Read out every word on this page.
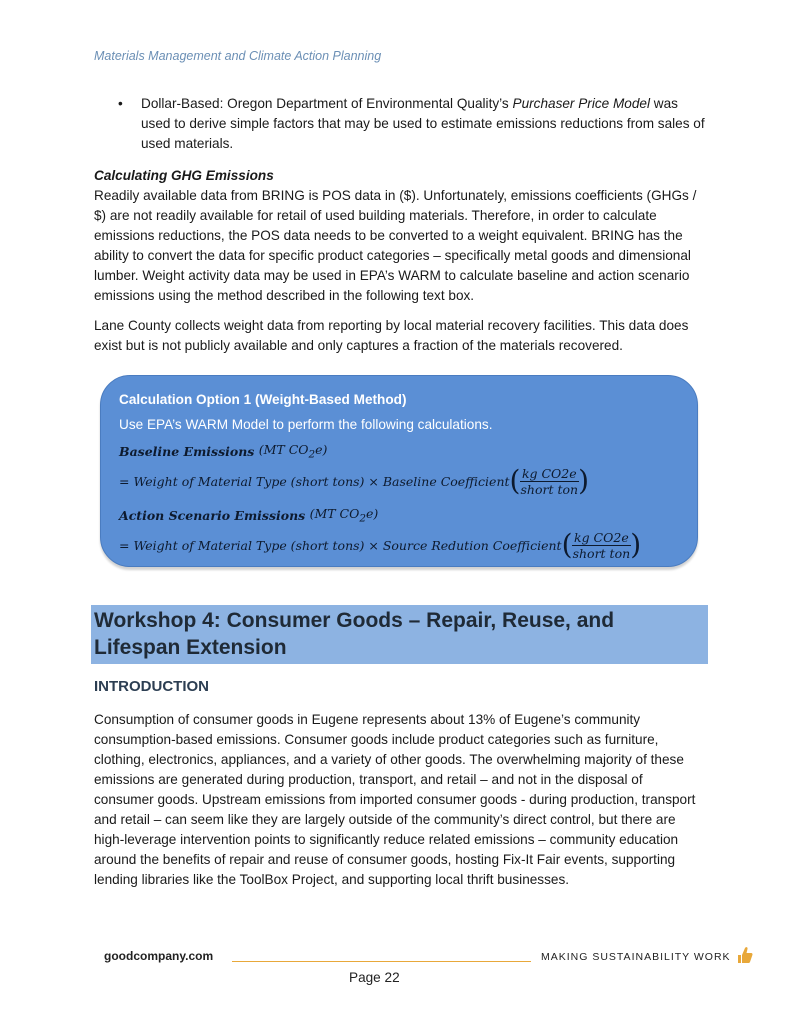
Materials Management and Climate Action Planning

• Dollar-Based: Oregon Department of Environmental Quality’s Purchaser Price Model was used to derive simple factors that may be used to estimate emissions reductions from sales of used materials.

Calculating GHG Emissions

Readily available data from BRING is POS data in ($). Unfortunately, emissions coefficients (GHGs / $) are not readily available for retail of used building materials. Therefore, in order to calculate emissions reductions, the POS data needs to be converted to a weight equivalent. BRING has the ability to convert the data for specific product categories – specifically metal goods and dimensional lumber. Weight activity data may be used in EPA’s WARM to calculate baseline and action scenario emissions using the method described in the following text box.

Lane County collects weight data from reporting by local material recovery facilities. This data does exist but is not publicly available and only captures a fraction of the materials recovered.

Calculation Option 1 (Weight-Based Method)

Use EPA’s WARM Model to perform the following calculations.

Baseline Emissions
(MT $CO_2e$)
= Weight of Material Type (short tons) × Baseline Coefficient ( kg CO2e
short ton )
Action Scenario Emissions
(MT $CO_2e$)
= Weight of Material Type (short tons) × Source Redution Coefficient ( kg CO2e
short ton )
Workshop 4: Consumer Goods – Repair, Reuse, and Lifespan Extension
INTRODUCTION

Consumption of consumer goods in Eugene represents about 13% of Eugene’s community consumption-based emissions. Consumer goods include product categories such as furniture, clothing, electronics, appliances, and a variety of other goods. The overwhelming majority of these emissions are generated during production, transport, and retail – and not in the disposal of consumer goods. Upstream emissions from imported consumer goods - during production, transport and retail – can seem like they are largely outside of the community’s direct control, but there are high-leverage intervention points to significantly reduce related emissions – community education around the benefits of repair and reuse of consumer goods, hosting Fix-It Fair events, supporting lending libraries like the ToolBox Project, and supporting local thrift businesses.

goodcompany.com	MAKING SUSTAINABILITY WORK
Page 22
